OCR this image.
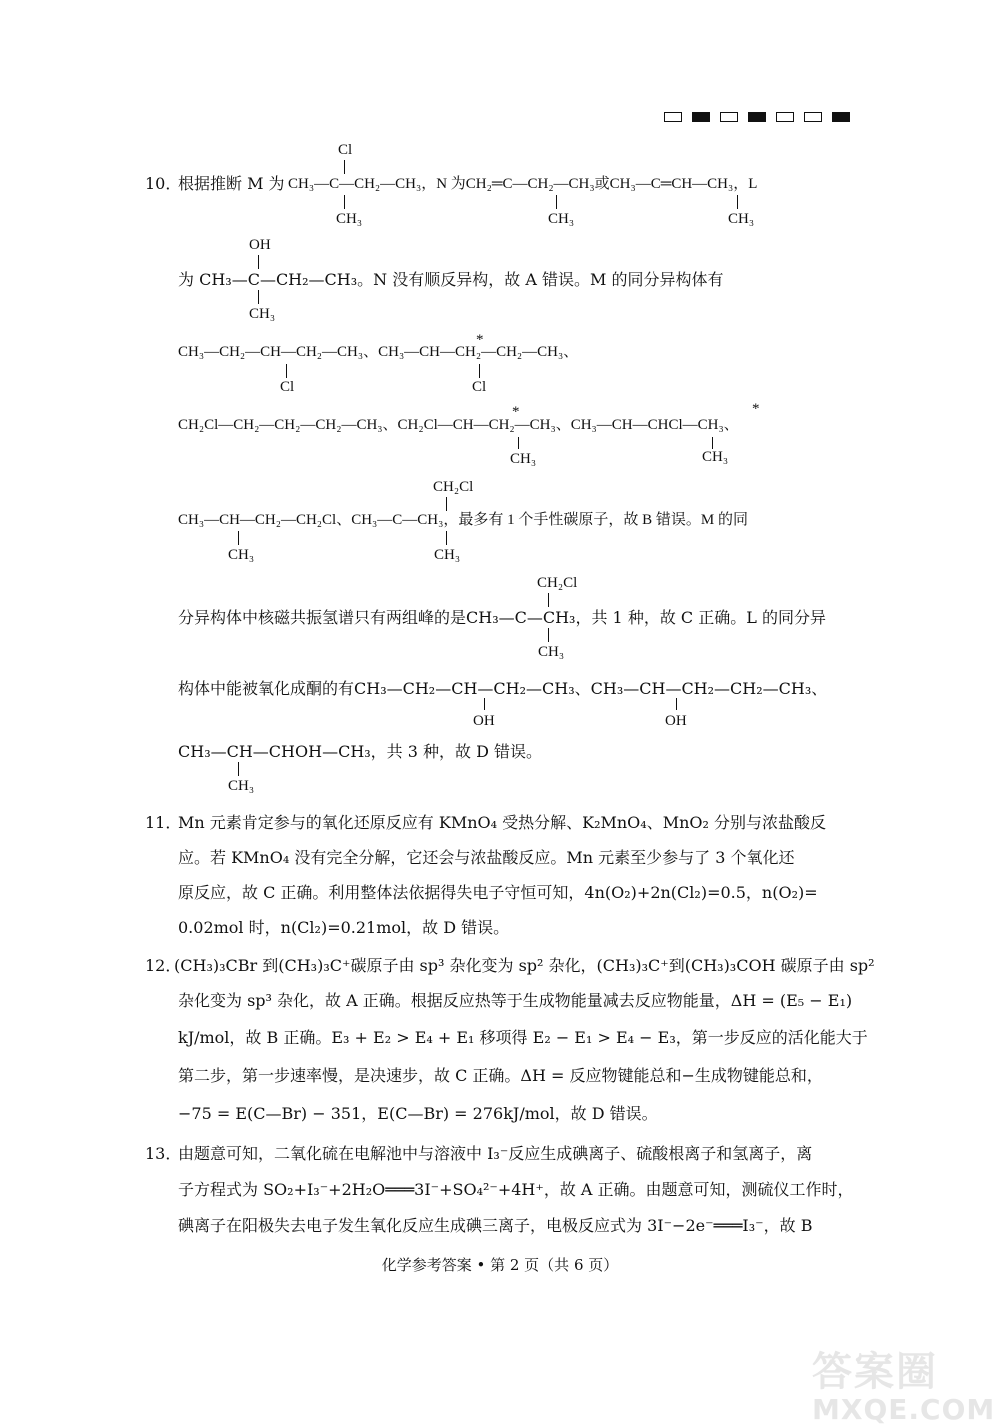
10．
根据推断 M 为
Cl
CH₃—C—CH₂—CH₃，N 为CH₂═C—CH₂—CH₃或CH₃—C═CH—CH₃，L
CH₃	CH₃	CH₃
OH
为 CH₃—C—CH₂—CH₃。N 没有顺反异构，故 A 错误。M 的同分异构体有
CH₃
*
CH₃—CH₂—CH—CH₂—CH₃、CH₃—CH—CH₂—CH₂—CH₃、
Cl	Cl
*	*
CH₂Cl—CH₂—CH₂—CH₂—CH₃、CH₂Cl—CH—CH₂—CH₃、CH₃—CH—CHCl—CH₃、
CH₃	CH₃
CH₂Cl
CH₃—CH—CH₂—CH₂Cl、CH₃—C—CH₃，最多有 1 个手性碳原子，故 B 错误。M 的同
CH₃	CH₃
CH₂Cl
分异构体中核磁共振氢谱只有两组峰的是CH₃—C—CH₃，共 1 种，故 C 正确。L 的同分异
CH₃
构体中能被氧化成酮的有CH₃—CH₂—CH—CH₂—CH₃、CH₃—CH—CH₂—CH₂—CH₃、
OH	OH
CH₃—CH—CHOH—CH₃，共 3 种，故 D 错误。
CH₃
11．
Mn 元素肯定参与的氧化还原反应有 KMnO₄ 受热分解、K₂MnO₄、MnO₂ 分别与浓盐酸反
应。若 KMnO₄ 没有完全分解，它还会与浓盐酸反应。Mn 元素至少参与了 3 个氧化还
原反应，故 C 正确。利用整体法依据得失电子守恒可知，4n(O₂)+2n(Cl₂)=0.5，n(O₂)=
0.02mol 时，n(Cl₂)=0.21mol，故 D 错误。
12．
(CH₃)₃CBr 到(CH₃)₃C⁺碳原子由 sp³ 杂化变为 sp² 杂化，(CH₃)₃C⁺到(CH₃)₃COH 碳原子由 sp²
杂化变为 sp³ 杂化，故 A 正确。根据反应热等于生成物能量减去反应物能量，ΔH = (E₅ − E₁)
kJ/mol，故 B 正确。E₃ + E₂ > E₄ + E₁ 移项得 E₂ − E₁ > E₄ − E₃，第一步反应的活化能大于
第二步，第一步速率慢，是决速步，故 C 正确。ΔH = 反应物键能总和−生成物键能总和，
−75 = E(C—Br) − 351，E(C—Br) = 276kJ/mol，故 D 错误。
13．
由题意可知，二氧化硫在电解池中与溶液中 I₃⁻反应生成碘离子、硫酸根离子和氢离子，离
子方程式为 SO₂+I₃⁻+2H₂O═══3I⁻+SO₄²⁻+4H⁺，故 A 正确。由题意可知，测硫仪工作时，
碘离子在阳极失去电子发生氧化反应生成碘三离子，电极反应式为 3I⁻−2e⁻═══I₃⁻，故 B
化学参考答案 • 第 2 页（共 6 页）
答案圈
MXQE.COM
